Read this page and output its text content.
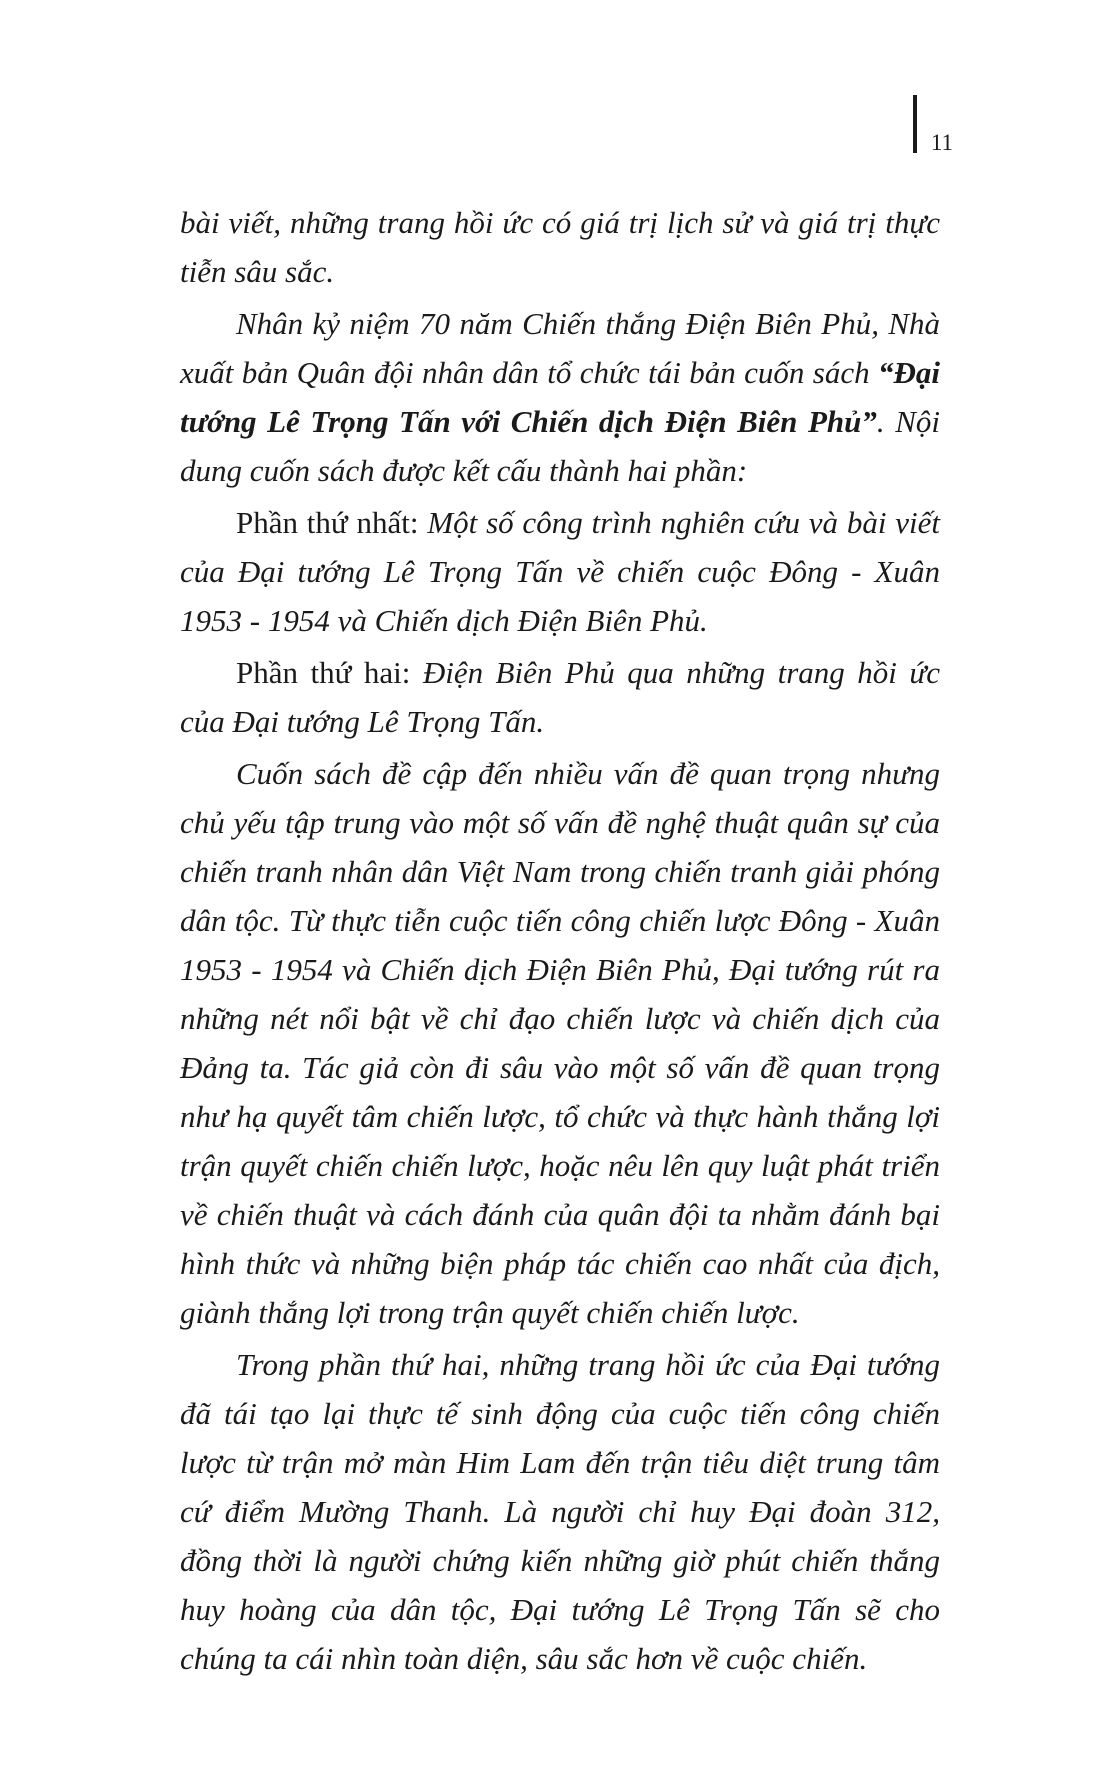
11

bài viết, những trang hồi ức có giá trị lịch sử và giá trị thực tiễn sâu sắc.

Nhân kỷ niệm 70 năm Chiến thắng Điện Biên Phủ, Nhà xuất bản Quân đội nhân dân tổ chức tái bản cuốn sách “Đại tướng Lê Trọng Tấn với Chiến dịch Điện Biên Phủ”. Nội dung cuốn sách được kết cấu thành hai phần:

Phần thứ nhất: Một số công trình nghiên cứu và bài viết của Đại tướng Lê Trọng Tấn về chiến cuộc Đông - Xuân 1953 - 1954 và Chiến dịch Điện Biên Phủ.

Phần thứ hai: Điện Biên Phủ qua những trang hồi ức của Đại tướng Lê Trọng Tấn.

Cuốn sách đề cập đến nhiều vấn đề quan trọng nhưng chủ yếu tập trung vào một số vấn đề nghệ thuật quân sự của chiến tranh nhân dân Việt Nam trong chiến tranh giải phóng dân tộc. Từ thực tiễn cuộc tiến công chiến lược Đông - Xuân 1953 - 1954 và Chiến dịch Điện Biên Phủ, Đại tướng rút ra những nét nổi bật về chỉ đạo chiến lược và chiến dịch của Đảng ta. Tác giả còn đi sâu vào một số vấn đề quan trọng như hạ quyết tâm chiến lược, tổ chức và thực hành thắng lợi trận quyết chiến chiến lược, hoặc nêu lên quy luật phát triển về chiến thuật và cách đánh của quân đội ta nhằm đánh bại hình thức và những biện pháp tác chiến cao nhất của địch, giành thắng lợi trong trận quyết chiến chiến lược.

Trong phần thứ hai, những trang hồi ức của Đại tướng đã tái tạo lại thực tế sinh động của cuộc tiến công chiến lược từ trận mở màn Him Lam đến trận tiêu diệt trung tâm cứ điểm Mường Thanh. Là người chỉ huy Đại đoàn 312, đồng thời là người chứng kiến những giờ phút chiến thắng huy hoàng của dân tộc, Đại tướng Lê Trọng Tấn sẽ cho chúng ta cái nhìn toàn diện, sâu sắc hơn về cuộc chiến.
